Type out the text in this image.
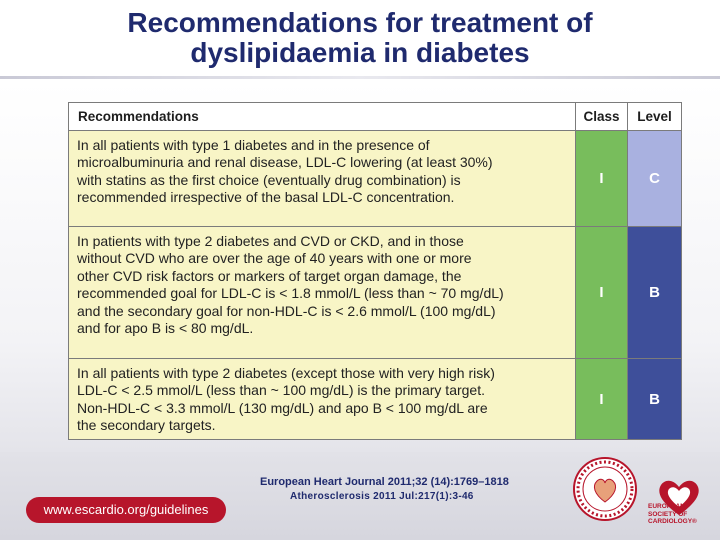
Recommendations for treatment of
dyslipidaemia in diabetes
Recommendations	Class	Level
In all patients with type 1 diabetes and in the presence of
microalbuminuria and renal disease, LDL-C lowering (at least 30%)
with statins as the first choice (eventually drug combination) is
recommended irrespective of the basal LDL-C concentration.
I	C
In patients with type 2 diabetes and CVD or CKD, and in those
without CVD who are over the age of 40 years with one or more
other CVD risk factors or markers of target organ damage, the
recommended goal for LDL-C is < 1.8 mmol/L (less than ~ 70 mg/dL)
and the secondary goal for non-HDL-C is < 2.6 mmol/L (100 mg/dL)
and for apo B is < 80 mg/dL.
I	B
In all patients with type 2 diabetes (except those with very high risk)
LDL-C < 2.5 mmol/L (less than ~ 100 mg/dL) is the primary target.
Non-HDL-C < 3.3 mmol/L (130 mg/dL) and apo B < 100 mg/dL are
the secondary targets.
I	B
www.escardio.org/guidelines
European Heart Journal 2011;32 (14):1769–1818
Atherosclerosis 2011 Jul:217(1):3-46
EUROPEAN
SOCIETY OF
CARDIOLOGY®
